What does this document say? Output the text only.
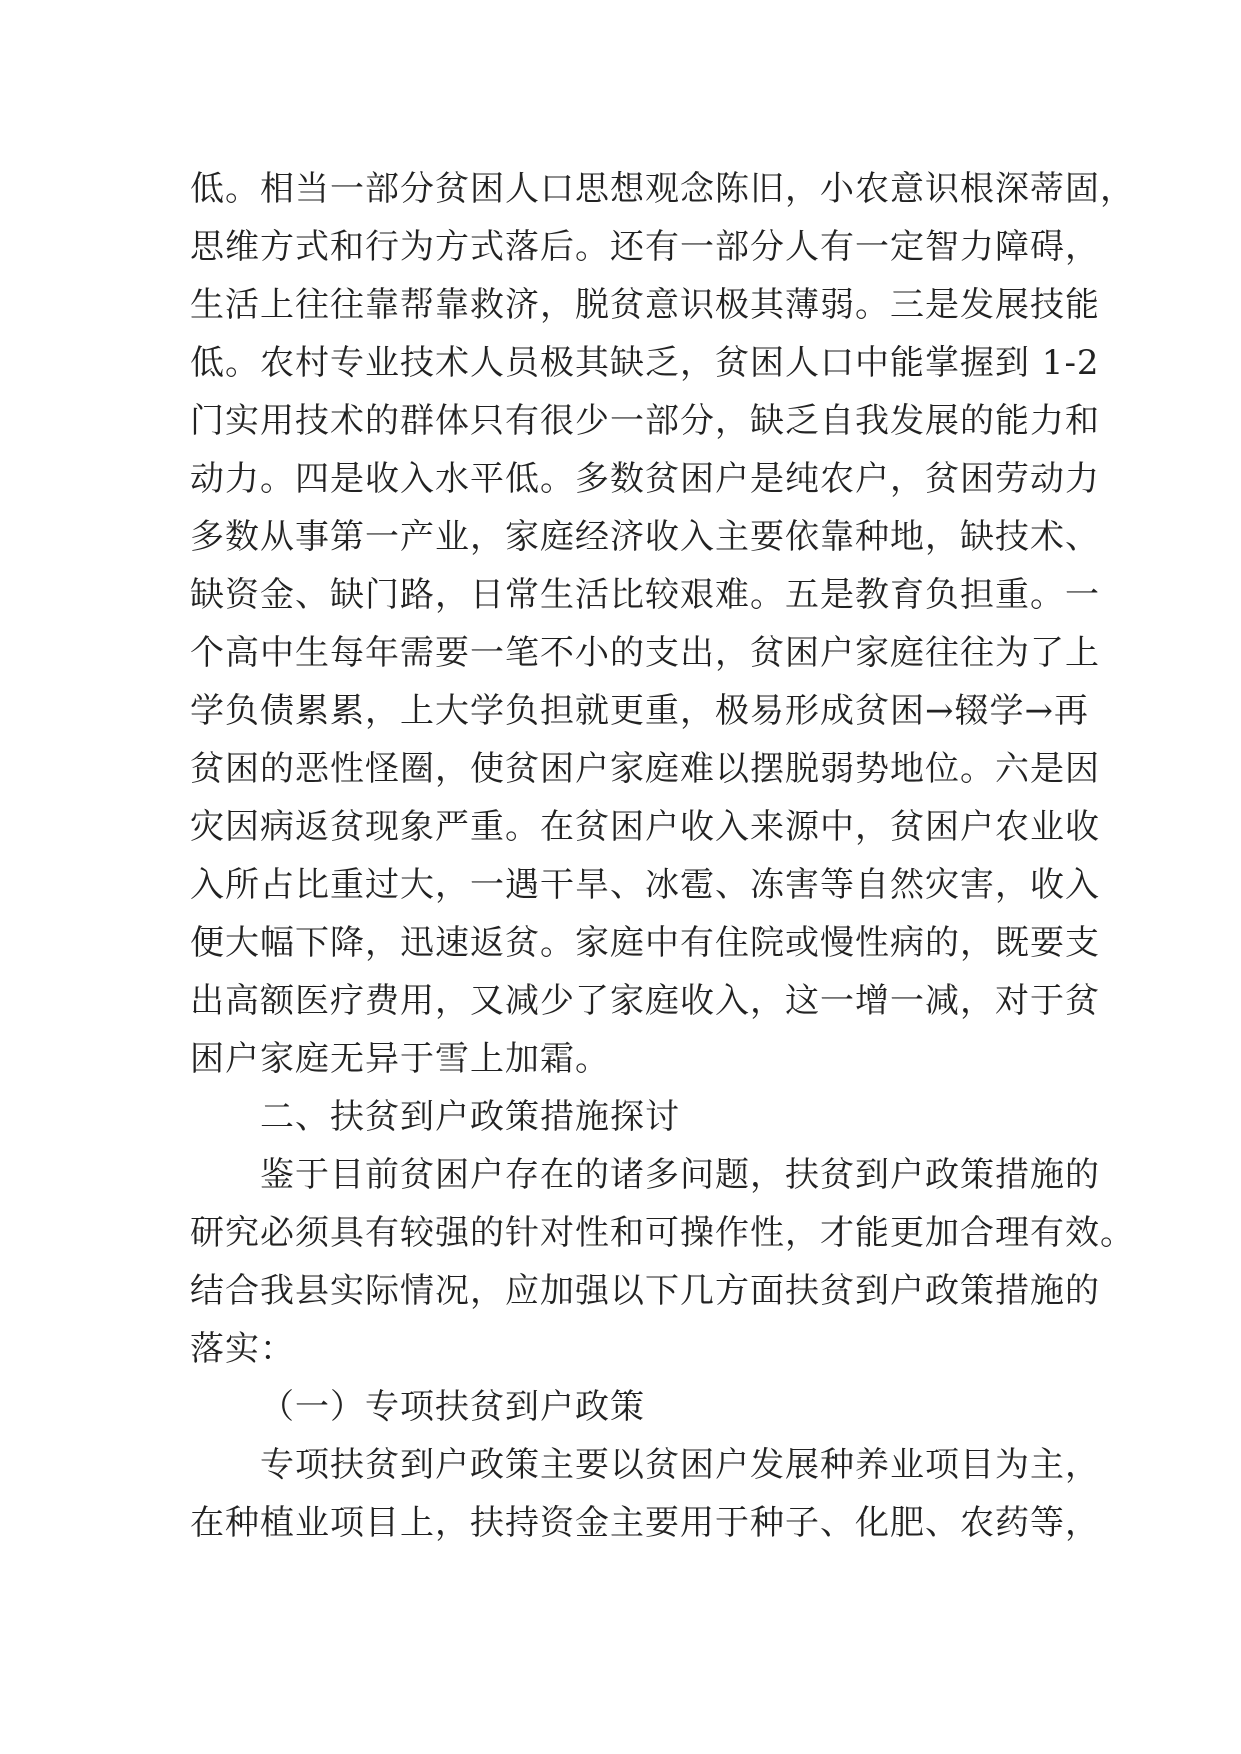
低。相当一部分贫困人口思想观念陈旧，小农意识根深蒂固，
思维方式和行为方式落后。还有一部分人有一定智力障碍，
生活上往往靠帮靠救济，脱贫意识极其薄弱。三是发展技能
低。农村专业技术人员极其缺乏，贫困人口中能掌握到 1-2
门实用技术的群体只有很少一部分，缺乏自我发展的能力和
动力。四是收入水平低。多数贫困户是纯农户，贫困劳动力
多数从事第一产业，家庭经济收入主要依靠种地，缺技术、
缺资金、缺门路，日常生活比较艰难。五是教育负担重。一
个高中生每年需要一笔不小的支出，贫困户家庭往往为了上
学负债累累，上大学负担就更重，极易形成贫困→辍学→再
贫困的恶性怪圈，使贫困户家庭难以摆脱弱势地位。六是因
灾因病返贫现象严重。在贫困户收入来源中，贫困户农业收
入所占比重过大，一遇干旱、冰雹、冻害等自然灾害，收入
便大幅下降，迅速返贫。家庭中有住院或慢性病的，既要支
出高额医疗费用，又减少了家庭收入，这一增一减，对于贫
困户家庭无异于雪上加霜。
二、扶贫到户政策措施探讨
鉴于目前贫困户存在的诸多问题，扶贫到户政策措施的
研究必须具有较强的针对性和可操作性，才能更加合理有效。
结合我县实际情况，应加强以下几方面扶贫到户政策措施的
落实：
（一）专项扶贫到户政策
专项扶贫到户政策主要以贫困户发展种养业项目为主，
在种植业项目上，扶持资金主要用于种子、化肥、农药等，
